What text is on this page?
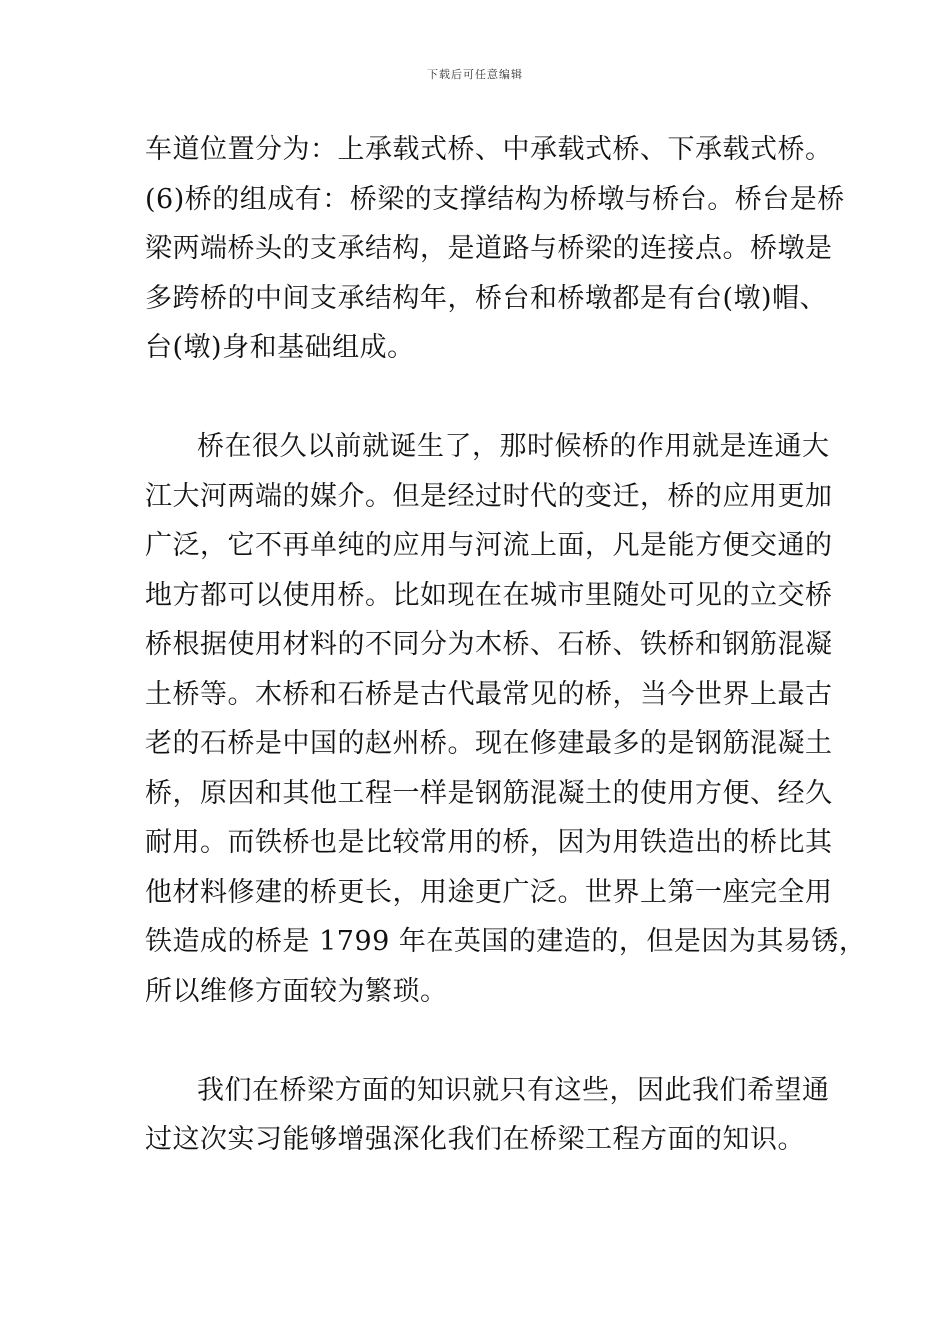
下载后可任意编辑
车道位置分为：上承载式桥、中承载式桥、下承载式桥。
(6)桥的组成有：桥梁的支撑结构为桥墩与桥台。桥台是桥
梁两端桥头的支承结构，是道路与桥梁的连接点。桥墩是
多跨桥的中间支承结构年，桥台和桥墩都是有台(墩)帽、
台(墩)身和基础组成。
桥在很久以前就诞生了，那时候桥的作用就是连通大
江大河两端的媒介。但是经过时代的变迁，桥的应用更加
广泛，它不再单纯的应用与河流上面，凡是能方便交通的
地方都可以使用桥。比如现在在城市里随处可见的立交桥
桥根据使用材料的不同分为木桥、石桥、铁桥和钢筋混凝
土桥等。木桥和石桥是古代最常见的桥，当今世界上最古
老的石桥是中国的赵州桥。现在修建最多的是钢筋混凝土
桥，原因和其他工程一样是钢筋混凝土的使用方便、经久
耐用。而铁桥也是比较常用的桥，因为用铁造出的桥比其
他材料修建的桥更长，用途更广泛。世界上第一座完全用
铁造成的桥是 1799 年在英国的建造的，但是因为其易锈，
所以维修方面较为繁琐。
我们在桥梁方面的知识就只有这些，因此我们希望通
过这次实习能够增强深化我们在桥梁工程方面的知识。
